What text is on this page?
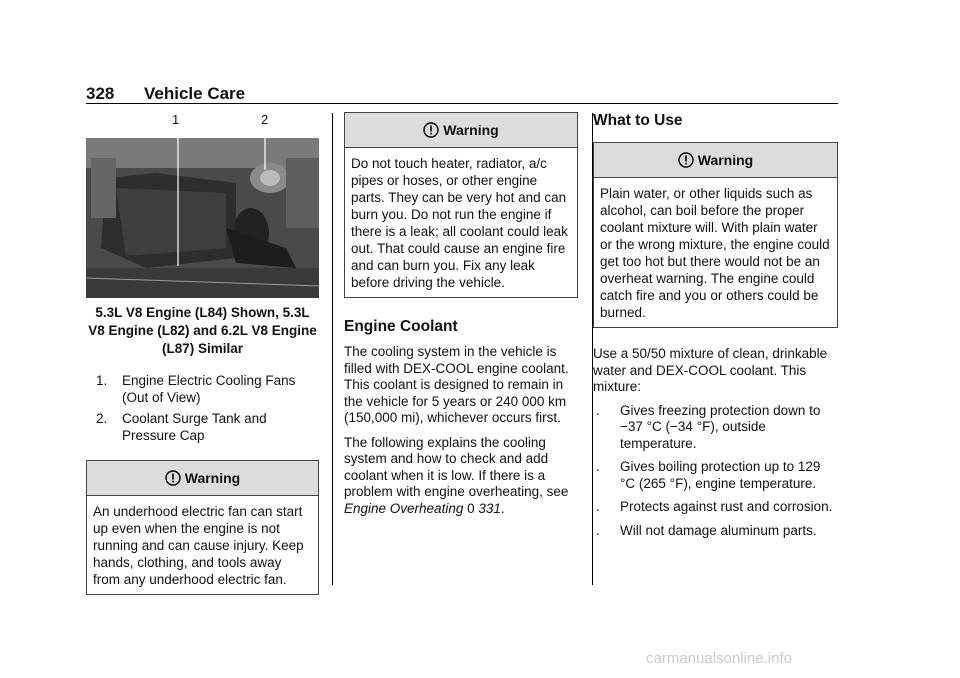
328 Vehicle Care
1	2
5.3L V8 Engine (L84) Shown, 5.3L V8 Engine (L82) and 6.2L V8 Engine (L87) Similar
1.	Engine Electric Cooling Fans (Out of View)
2.	Coolant Surge Tank and Pressure Cap
Warning
An underhood electric fan can start up even when the engine is not running and can cause injury. Keep hands, clothing, and tools away from any underhood electric fan.
Warning
Do not touch heater, radiator, a/c pipes or hoses, or other engine parts. They can be very hot and can burn you. Do not run the engine if there is a leak; all coolant could leak out. That could cause an engine fire and can burn you. Fix any leak before driving the vehicle.
Engine Coolant

The cooling system in the vehicle is filled with DEX-COOL engine coolant. This coolant is designed to remain in the vehicle for 5 years or 240 000 km (150,000 mi), whichever occurs first.

The following explains the cooling system and how to check and add coolant when it is low. If there is a problem with engine overheating, see Engine Overheating 0 331.

What to Use
Warning
Plain water, or other liquids such as alcohol, can boil before the proper coolant mixture will. With plain water or the wrong mixture, the engine could get too hot but there would not be an overheat warning. The engine could catch fire and you or others could be burned.

Use a 50/50 mixture of clean, drinkable water and DEX-COOL coolant. This mixture:

.	Gives freezing protection down to −37 °C (−34 °F), outside temperature.
.	Gives boiling protection up to 129 °C (265 °F), engine temperature.
.	Protects against rust and corrosion.
.	Will not damage aluminum parts.
carmanualsonline.info
